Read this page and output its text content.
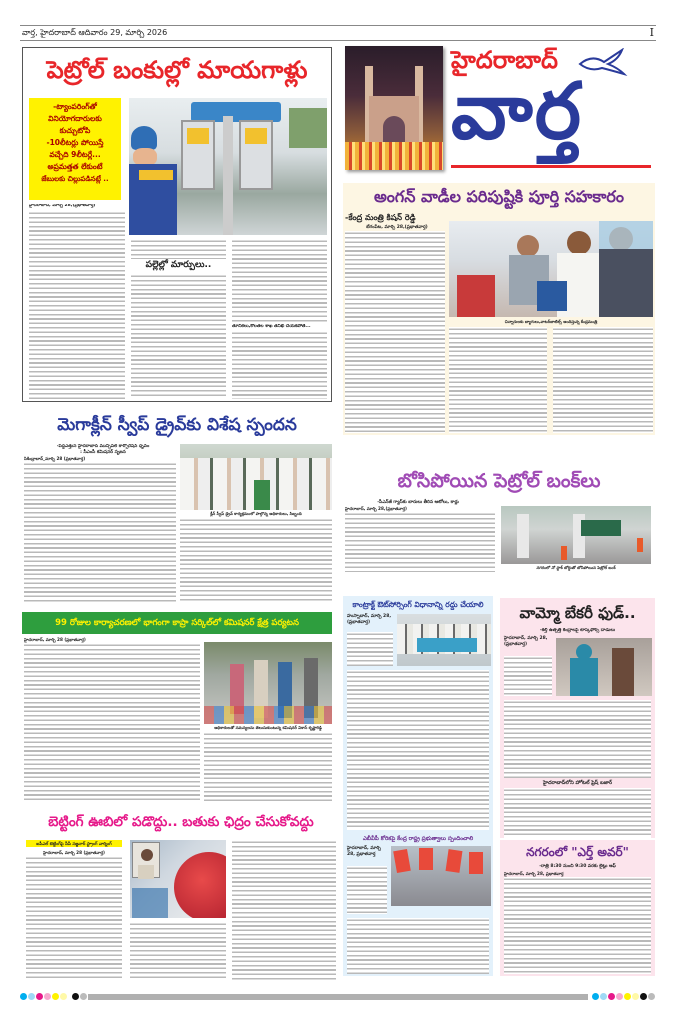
వార్త, హైదరాబాద్ ఆదివారం 29, మార్చి 2026	I
పెట్రోల్ బంకుల్లో మాయగాళ్లు
-ట్యాంపరింగ్‌తో
వినియోగదారులకు
కుచ్చుటోపి
-10లీటర్లు పోయిస్తే
వచ్చేది 9లీటర్లే...
అప్రమత్తత లేకుంటే
జేబులకు చిల్లుపడినట్లే ..
హైదరాబాద్, మార్చి 28,(ప్రభాతవార్త)
పల్లెల్లో మార్పులు..
తూనికలు,కొలతల శాఖ తనిఖీ చేయకపోతే...
హైదరాబాద్
వార్త
అంగన్ వాడీల పరిపుష్టికి పూర్తి సహకారం
-కేంద్ర మంత్రి కిషన్ రెడ్డి
బేగంపేట, మార్చి 28,(ప్రభాతవార్త)
చిన్నారులకు బ్యాగులు,వాటర్‌బాటిల్స్ అందిస్తున్న కేంద్రమంత్రి
మెగాక్లీన్ స్వీప్ డ్రైవ్‌కు విశేష స్పందన
-పెద్దఎత్తున హైదరాబాద్ మున్సిపల్ కార్పొరేషన్ ధృవం
: సీఎంసీ కమిషనర్ సృజన
సికింద్రాబాద్_మార్చి 28 (ప్రభాతవార్త)
క్లీన్ స్వీప్ డ్రైవ్ కార్యక్రమంలో పాల్గొన్న అధికారులు, సిబ్బంది
బోసిపోయిన పెట్రోల్ బంక్‌లు
-సీఎన్‌జీ గ్యాస్‌కు బారులు తీరిన ఆటోలు, కార్లు
హైదరాబాద్, మార్చి 28,(ప్రభాతవార్త)
నగరంలో నో స్టాక్ బోర్డుతో బోసిపోయిన పెట్రోల్ బంక్
99 రోజుల కార్యాచరణలో భాగంగా కాప్రా సర్కిల్‌లో కమిషనర్ క్షేత్ర పర్యటన
హైదరాబాద్, మార్చి 28 (ప్రభాతవార్త)
అధికారులతో సమస్యలను తెలుసుకుంటున్న కమిషనర్ వికాస్ కృష్ణారెడ్డి
కాంట్రాక్ట్ ఔట్‌సోర్సింగ్ విధానాన్ని రద్దు చేయాలి
హుస్నాబాద్, మార్చి 28, (ప్రభాతవార్త)
ఎబీవీపీ కోరికపై కేంద్ర రాష్ట్ర ప్రభుత్వాలు స్పందించాలి
హైదరాబాద్, మార్చి 28, ప్రభాతవార్త
వామ్మో బేకరీ ఫుడ్..
-కల్తీ ఉత్పత్తి కేంద్రాలపై టాస్క్‌ఫోర్స్ దాడులు
హైదరాబాద్, మార్చి 28,(ప్రభాతవార్త)
హైదరాబాద్‌లోని హోటల్ ఫ్రెష్ బజార్
నగరంలో "ఎర్త్ అవర్"
-రాత్రి 8:30 నుంచి 9:30 వరకు లైట్లు ఆఫ్
హైదరాబాద్, మార్చి 28, ప్రభాతవార్త
బెట్టింగ్ ఊబిలో పడొద్దు.. బతుకు ఛిద్రం చేసుకోవద్దు
ఐపీఎల్ బెట్టింగ్‌పై సీపీ సజ్జనార్ స్ట్రాంగ్ వార్నింగ్
హైదరాబాద్, మార్చి 28 (ప్రభాతవార్త)
